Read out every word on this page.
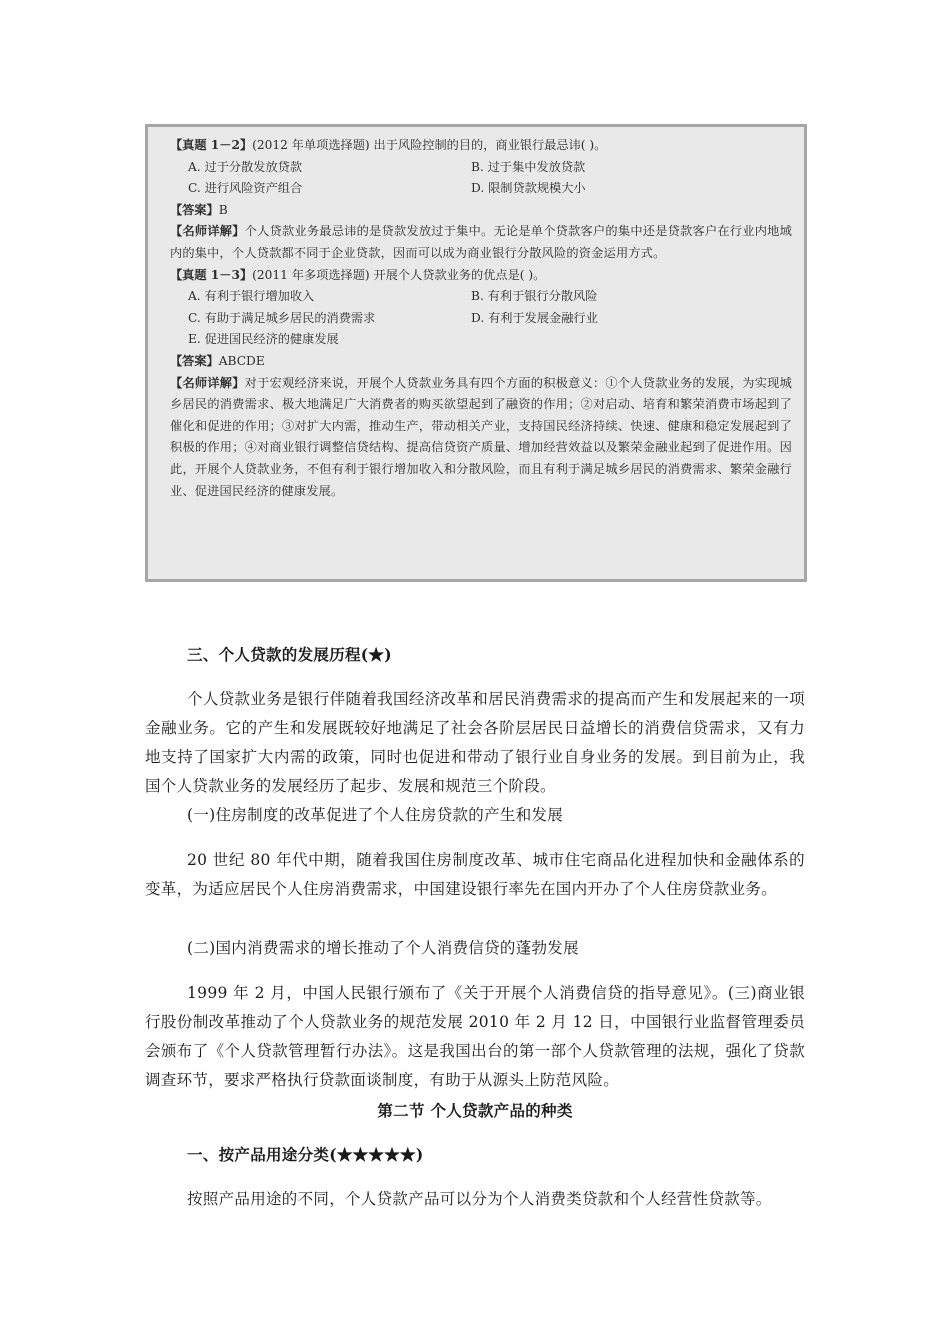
【真题 1－2】(2012 年单项选择题) 出于风险控制的目的，商业银行最忌讳( )。
A. 过于分散发放贷款	B. 过于集中发放贷款
C. 进行风险资产组合	D. 限制贷款规模大小
【答案】B
【名师详解】个人贷款业务最忌讳的是贷款发放过于集中。无论是单个贷款客户的集中还是贷款客户在行业内地域内的集中，个人贷款都不同于企业贷款，因而可以成为商业银行分散风险的资金运用方式。
【真题 1－3】(2011 年多项选择题) 开展个人贷款业务的优点是( )。
A. 有利于银行增加收入	B. 有利于银行分散风险
C. 有助于满足城乡居民的消费需求	D. 有利于发展金融行业
E. 促进国民经济的健康发展
【答案】ABCDE
【名师详解】对于宏观经济来说，开展个人贷款业务具有四个方面的积极意义：①个人贷款业务的发展，为实现城乡居民的消费需求、极大地满足广大消费者的购买欲望起到了融资的作用；②对启动、培育和繁荣消费市场起到了催化和促进的作用；③对扩大内需，推动生产，带动相关产业，支持国民经济持续、快速、健康和稳定发展起到了积极的作用；④对商业银行调整信贷结构、提高信贷资产质量、增加经营效益以及繁荣金融业起到了促进作用。因此，开展个人贷款业务，不但有利于银行增加收入和分散风险，而且有利于满足城乡居民的消费需求、繁荣金融行业、促进国民经济的健康发展。
三、个人贷款的发展历程(★)
个人贷款业务是银行伴随着我国经济改革和居民消费需求的提高而产生和发展起来的一项金融业务。它的产生和发展既较好地满足了社会各阶层居民日益增长的消费信贷需求，又有力地支持了国家扩大内需的政策，同时也促进和带动了银行业自身业务的发展。到目前为止，我国个人贷款业务的发展经历了起步、发展和规范三个阶段。
(一)住房制度的改革促进了个人住房贷款的产生和发展
20 世纪 80 年代中期，随着我国住房制度改革、城市住宅商品化进程加快和金融体系的变革，为适应居民个人住房消费需求，中国建设银行率先在国内开办了个人住房贷款业务。
(二)国内消费需求的增长推动了个人消费信贷的蓬勃发展
1999 年 2 月，中国人民银行颁布了《关于开展个人消费信贷的指导意见》。(三)商业银行股份制改革推动了个人贷款业务的规范发展 2010 年 2 月 12 日，中国银行业监督管理委员会颁布了《个人贷款管理暂行办法》。这是我国出台的第一部个人贷款管理的法规，强化了贷款调查环节，要求严格执行贷款面谈制度，有助于从源头上防范风险。
第二节 个人贷款产品的种类
一、按产品用途分类(★★★★★)
按照产品用途的不同，个人贷款产品可以分为个人消费类贷款和个人经营性贷款等。
